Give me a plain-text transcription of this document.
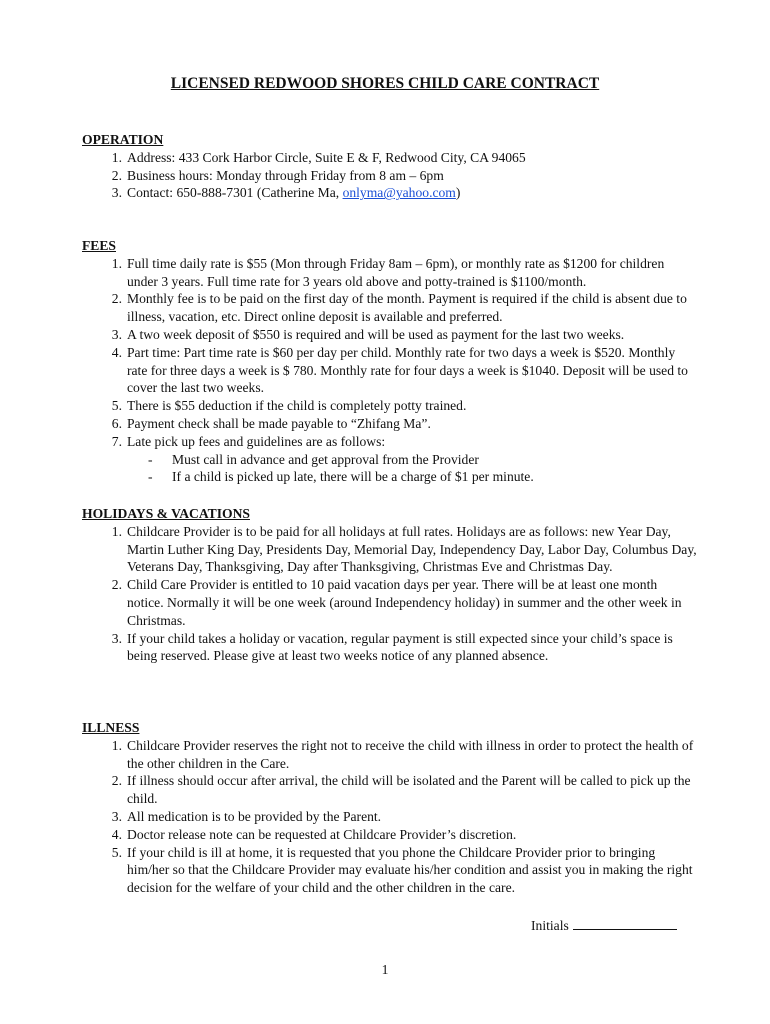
LICENSED REDWOOD SHORES CHILD CARE CONTRACT

OPERATION

1. Address: 433 Cork Harbor Circle, Suite E & F, Redwood City, CA 94065
2. Business hours: Monday through Friday from 8 am – 6pm
3. Contact: 650-888-7301 (Catherine Ma, onlyma@yahoo.com)

FEES

1. Full time daily rate is $55 (Mon through Friday 8am – 6pm), or monthly rate as $1200 for children under 3 years. Full time rate for 3 years old above and potty-trained is $1100/month.
2. Monthly fee is to be paid on the first day of the month. Payment is required if the child is absent due to illness, vacation, etc. Direct online deposit is available and preferred.
3. A two week deposit of $550 is required and will be used as payment for the last two weeks.
4. Part time: Part time rate is $60 per day per child. Monthly rate for two days a week is $520. Monthly rate for three days a week is $ 780. Monthly rate for four days a week is $1040. Deposit will be used to cover the last two weeks.
5. There is $55 deduction if the child is completely potty trained.
6. Payment check shall be made payable to “Zhifang Ma”.
7. Late pick up fees and guidelines are as follows:
- Must call in advance and get approval from the Provider
- If a child is picked up late, there will be a charge of $1 per minute.

HOLIDAYS & VACATIONS

1. Childcare Provider is to be paid for all holidays at full rates. Holidays are as follows: new Year Day, Martin Luther King Day, Presidents Day, Memorial Day, Independency Day, Labor Day, Columbus Day, Veterans Day, Thanksgiving, Day after Thanksgiving, Christmas Eve and Christmas Day.
2. Child Care Provider is entitled to 10 paid vacation days per year. There will be at least one month notice. Normally it will be one week (around Independency holiday) in summer and the other week in Christmas.
3. If your child takes a holiday or vacation, regular payment is still expected since your child’s space is being reserved. Please give at least two weeks notice of any planned absence.

ILLNESS

1. Childcare Provider reserves the right not to receive the child with illness in order to protect the health of the other children in the Care.
2. If illness should occur after arrival, the child will be isolated and the Parent will be called to pick up the child.
3. All medication is to be provided by the Parent.
4. Doctor release note can be requested at Childcare Provider’s discretion.
5. If your child is ill at home, it is requested that you phone the Childcare Provider prior to bringing him/her so that the Childcare Provider may evaluate his/her condition and assist you in making the right decision for the welfare of your child and the other children in the care.
Initials
1
